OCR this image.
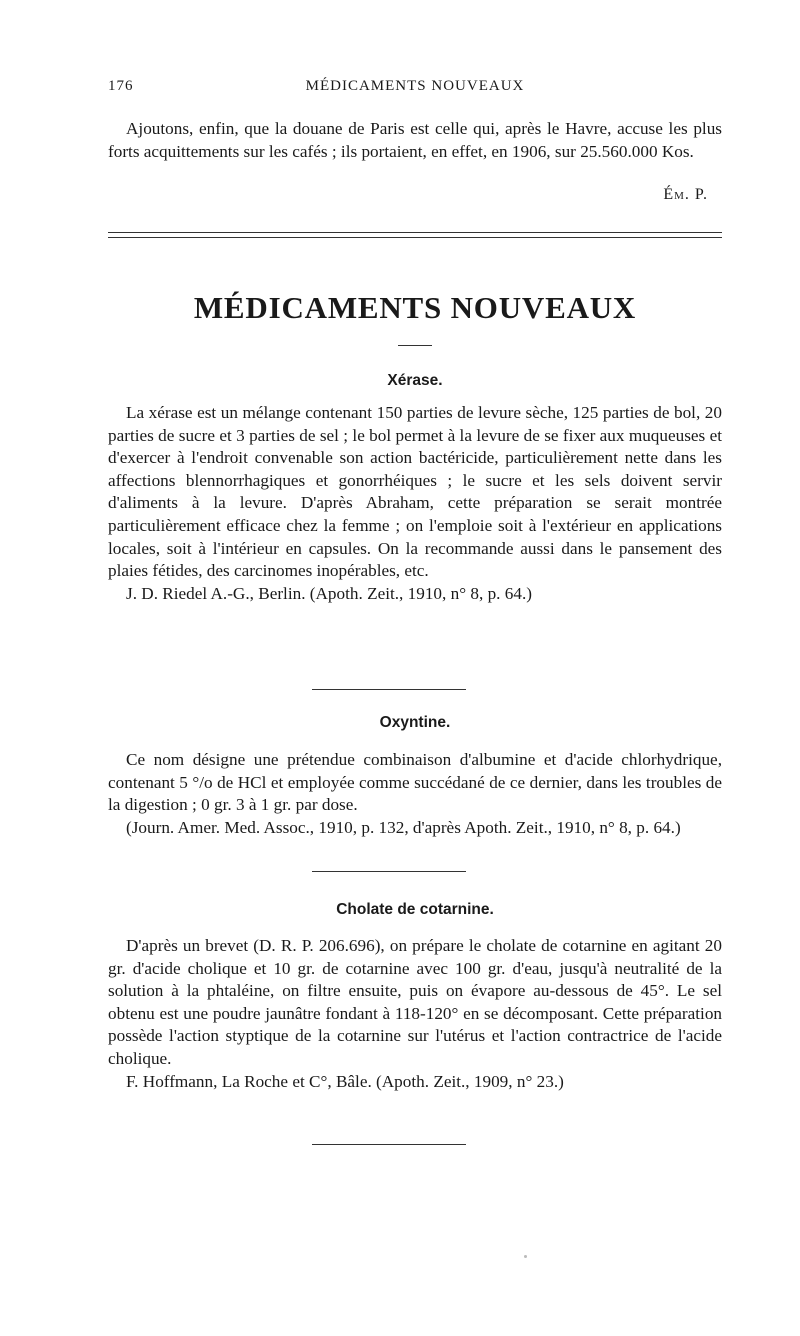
176	MÉDICAMENTS NOUVEAUX

Ajoutons, enfin, que la douane de Paris est celle qui, après le Havre, accuse les plus forts acquittements sur les cafés ; ils portaient, en effet, en 1906, sur 25.560.000 Kos.

Ém. P.
MÉDICAMENTS NOUVEAUX
Xérase.

La xérase est un mélange contenant 150 parties de levure sèche, 125 parties de bol, 20 parties de sucre et 3 parties de sel ; le bol permet à la levure de se fixer aux muqueuses et d'exercer à l'endroit convenable son action bactéricide, particulièrement nette dans les affections blennorrhagiques et gonorrhéiques ; le sucre et les sels doivent servir d'aliments à la levure. D'après Abraham, cette préparation se serait montrée particulièrement efficace chez la femme ; on l'emploie soit à l'extérieur en applications locales, soit à l'intérieur en capsules. On la recommande aussi dans le pansement des plaies fétides, des carcinomes inopérables, etc.

J. D. Riedel A.-G., Berlin. (Apoth. Zeit., 1910, n° 8, p. 64.)

Oxyntine.

Ce nom désigne une prétendue combinaison d'albumine et d'acide chlorhydrique, contenant 5 °/o de HCl et employée comme succédané de ce dernier, dans les troubles de la digestion ; 0 gr. 3 à 1 gr. par dose.

(Journ. Amer. Med. Assoc., 1910, p. 132, d'après Apoth. Zeit., 1910, n° 8, p. 64.)

Cholate de cotarnine.

D'après un brevet (D. R. P. 206.696), on prépare le cholate de cotarnine en agitant 20 gr. d'acide cholique et 10 gr. de cotarnine avec 100 gr. d'eau, jusqu'à neutralité de la solution à la phtaléine, on filtre ensuite, puis on évapore au-dessous de 45°. Le sel obtenu est une poudre jaunâtre fondant à 118-120° en se décomposant. Cette préparation possède l'action styptique de la cotarnine sur l'utérus et l'action contractrice de l'acide cholique.

F. Hoffmann, La Roche et C°, Bâle. (Apoth. Zeit., 1909, n° 23.)
